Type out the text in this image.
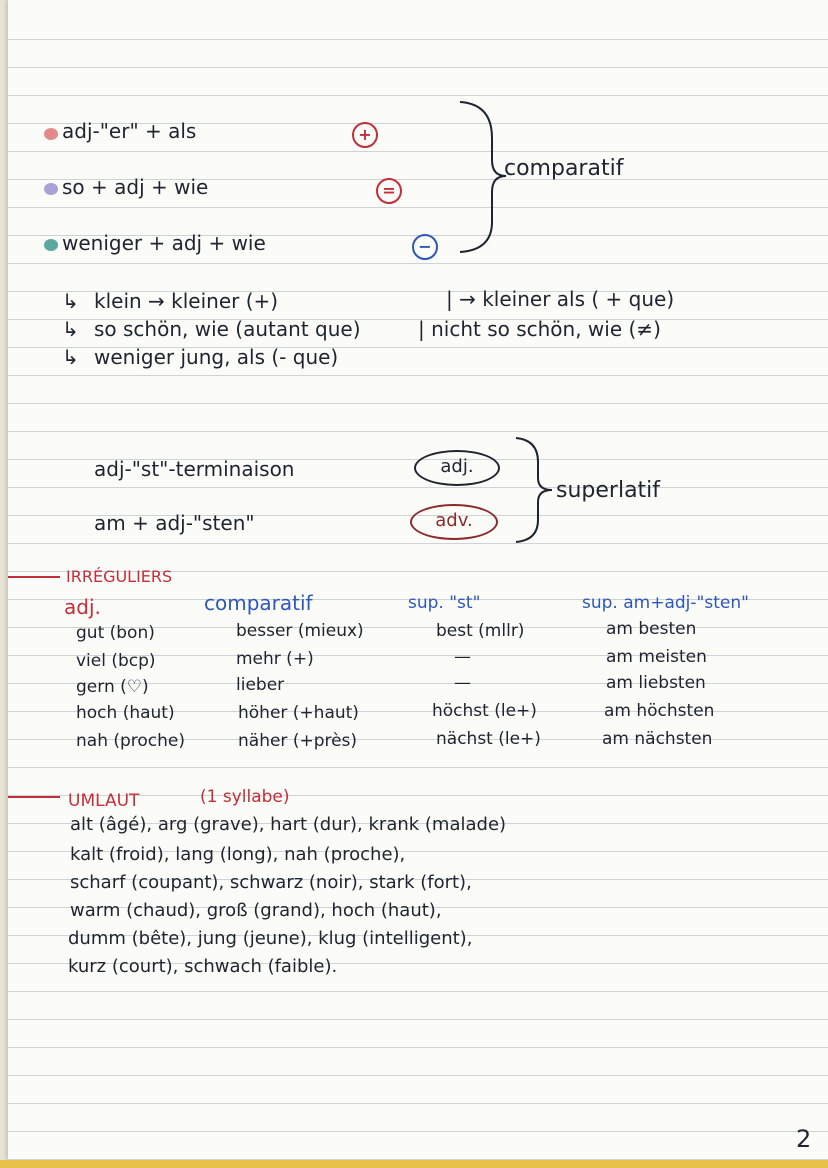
adj-"er" + als	+
so + adj + wie	=
weniger + adj + wie	−
comparatif
↳
↳
↳
klein → kleiner (+)	| → kleiner als ( + que)
so schön, wie (autant que)	| nicht so schön, wie (≠)
weniger jung, als (- que)
adj-"st"-terminaison	adj.
am + adj-"sten"	adv.
superlatif
IRRÉGULIERS
adj.	comparatif	sup. "st"	sup. am+adj-"sten"
gut (bon)	besser (mieux)	best (mllr)	am besten
viel (bcp)	mehr (+)	—	am meisten
gern (♡)	lieber	—	am liebsten
hoch (haut)	höher (+haut)	höchst (le+)	am höchsten
nah (proche)	näher (+près)	nächst (le+)	am nächsten
UMLAUT	(1 syllabe)
alt (âgé), arg (grave), hart (dur), krank (malade)
kalt (froid), lang (long), nah (proche),
scharf (coupant), schwarz (noir), stark (fort),
warm (chaud), groß (grand), hoch (haut),
dumm (bête), jung (jeune), klug (intelligent),
kurz (court), schwach (faible).
2
